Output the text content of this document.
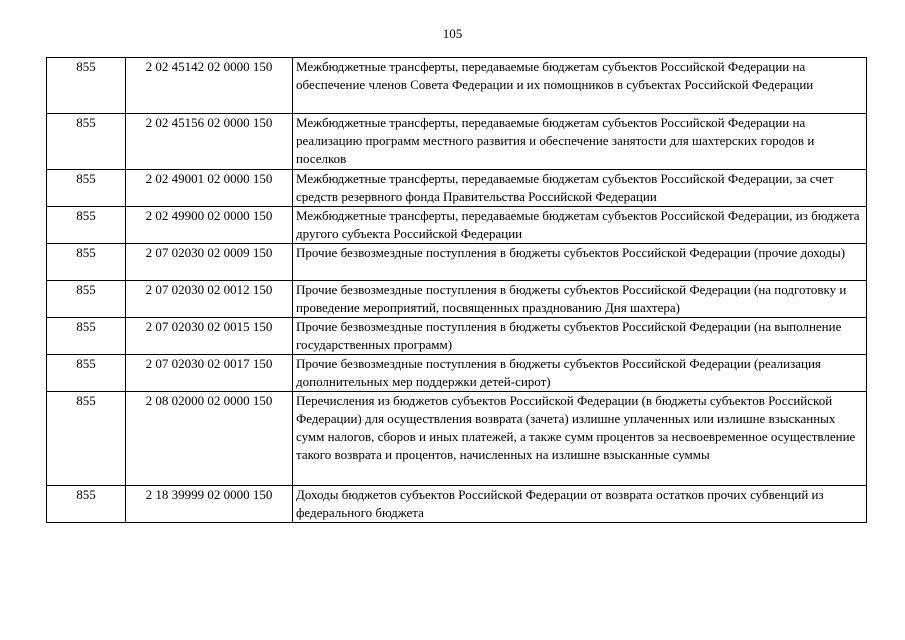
105
855	2 02 45142 02 0000 150	Межбюджетные трансферты, передаваемые бюджетам субъектов Российской Федерации на обеспечение членов Совета Федерации и их помощников в субъектах Российской Федерации
855	2 02 45156 02 0000 150	Межбюджетные трансферты, передаваемые бюджетам субъектов Российской Федерации на реализацию программ местного развития и обеспечение занятости для шахтерских городов и поселков
855	2 02 49001 02 0000 150	Межбюджетные трансферты, передаваемые бюджетам субъектов Российской Федерации, за счет средств резервного фонда Правительства Российской Федерации
855	2 02 49900 02 0000 150	Межбюджетные трансферты, передаваемые бюджетам субъектов Российской Федерации, из бюджета другого субъекта Российской Федерации
855	2 07 02030 02 0009 150	Прочие безвозмездные поступления в бюджеты субъектов Российской Федерации (прочие доходы)
855	2 07 02030 02 0012 150	Прочие безвозмездные поступления в бюджеты субъектов Российской Федерации (на подготовку и проведение мероприятий, посвященных празднованию Дня шахтера)
855	2 07 02030 02 0015 150	Прочие безвозмездные поступления в бюджеты субъектов Российской Федерации (на выполнение государственных программ)
855	2 07 02030 02 0017 150	Прочие безвозмездные поступления в бюджеты субъектов Российской Федерации (реализация дополнительных мер поддержки детей-сирот)
855	2 08 02000 02 0000 150	Перечисления из бюджетов субъектов Российской Федерации (в бюджеты субъектов Российской Федерации) для осуществления возврата (зачета) излишне уплаченных или излишне взысканных сумм налогов, сборов и иных платежей, а также сумм процентов за несвоевременное осуществление такого возврата и процентов, начисленных на излишне взысканные суммы
855	2 18 39999 02 0000 150	Доходы бюджетов субъектов Российской Федерации от возврата остатков прочих субвенций из федерального бюджета
